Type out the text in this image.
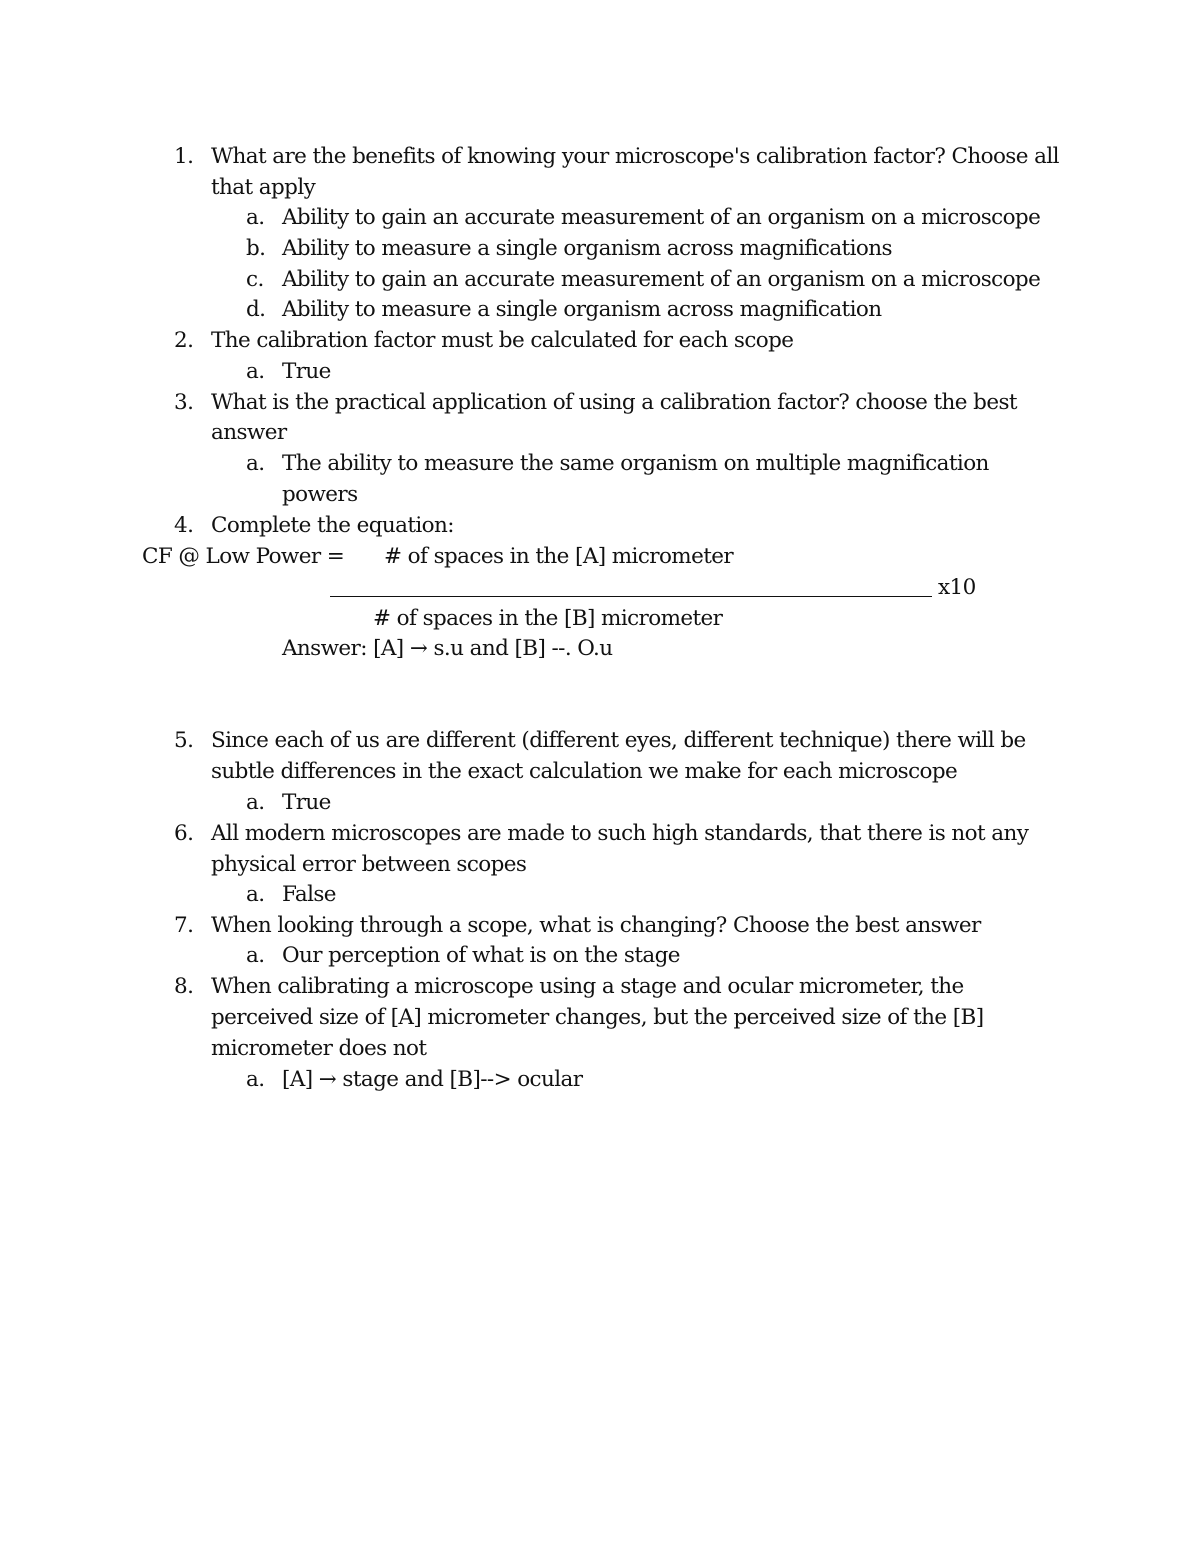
1. What are the benefits of knowing your microscope's calibration factor? Choose all
that apply
a. Ability to gain an accurate measurement of an organism on a microscope
b. Ability to measure a single organism across magnifications
c. Ability to gain an accurate measurement of an organism on a microscope
d. Ability to measure a single organism across magnification
2. The calibration factor must be calculated for each scope
a. True
3. What is the practical application of using a calibration factor? choose the best
answer
a. The ability to measure the same organism on multiple magnification
powers
4. Complete the equation:
CF @ Low Power = # of spaces in the [A] micrometer
x10
# of spaces in the [B] micrometer
Answer: [A] → s.u and [B] --. O.u
5. Since each of us are different (different eyes, different technique) there will be
subtle differences in the exact calculation we make for each microscope
a. True
6. All modern microscopes are made to such high standards, that there is not any
physical error between scopes
a. False
7. When looking through a scope, what is changing? Choose the best answer
a. Our perception of what is on the stage
8. When calibrating a microscope using a stage and ocular micrometer, the
perceived size of [A] micrometer changes, but the perceived size of the [B]
micrometer does not
a. [A] → stage and [B]--> ocular
